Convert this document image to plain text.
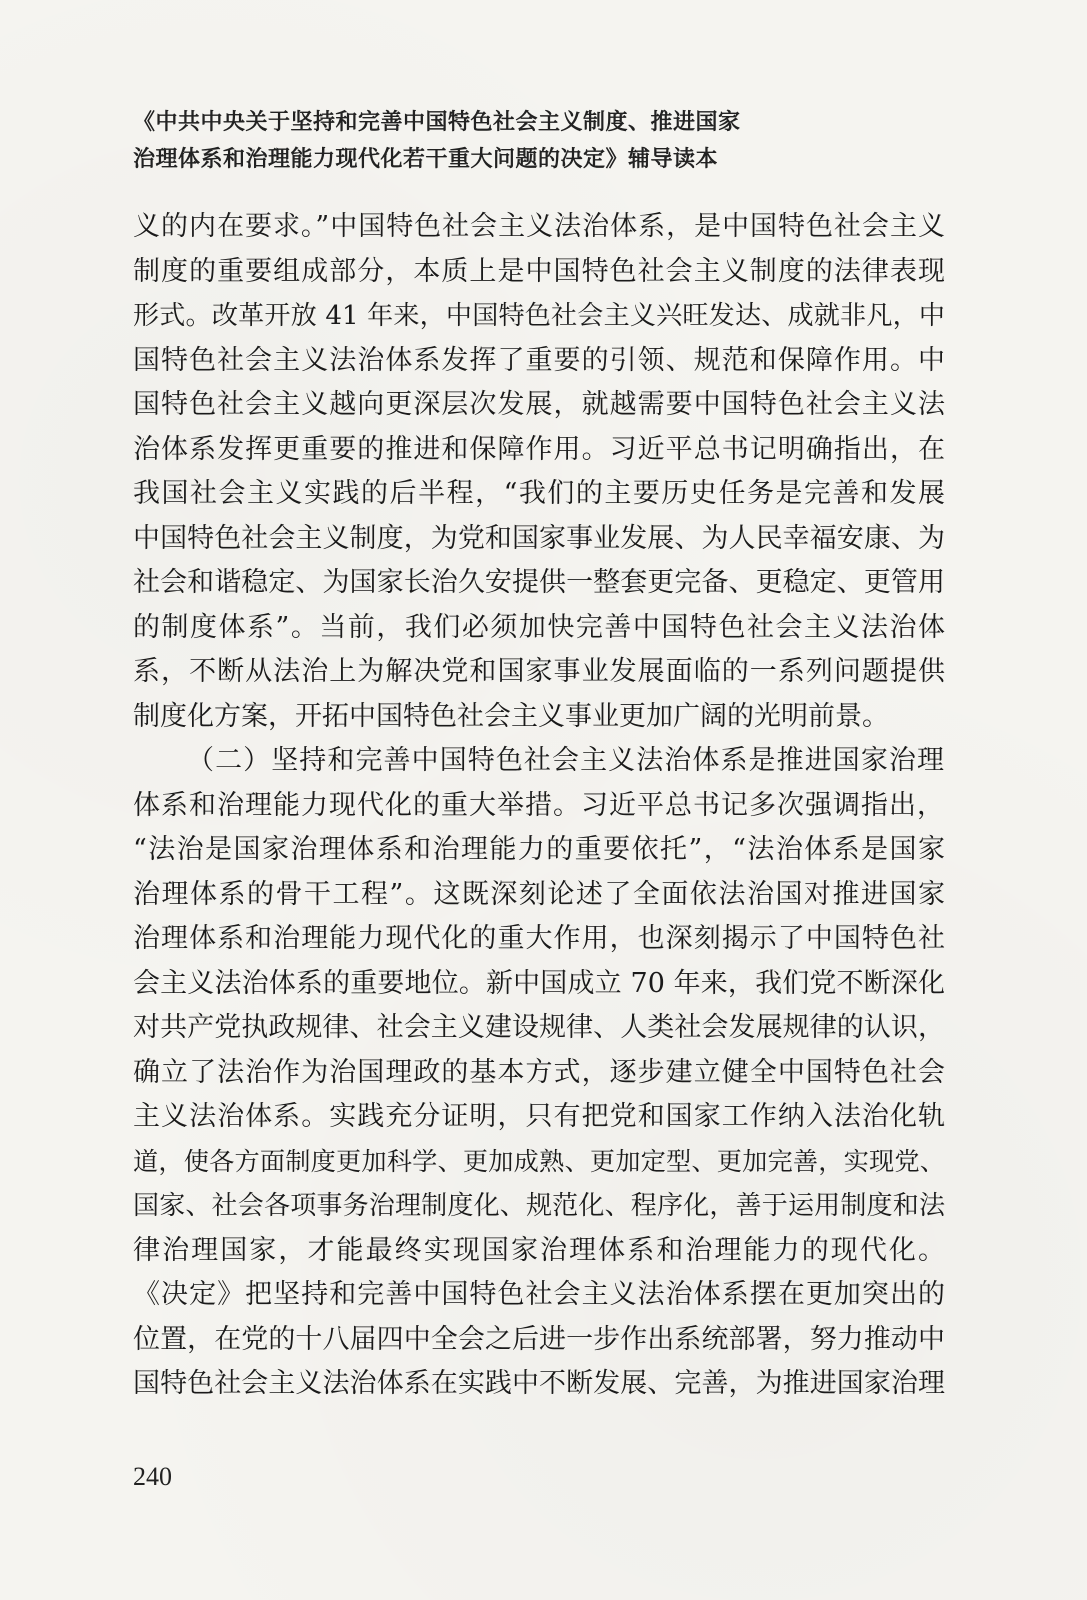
《中共中央关于坚持和完善中国特色社会主义制度、推进国家
治理体系和治理能力现代化若干重大问题的决定》辅导读本
义的内在要求。”中国特色社会主义法治体系，是中国特色社会主义
制度的重要组成部分，本质上是中国特色社会主义制度的法律表现
形式。改革开放 41 年来，中国特色社会主义兴旺发达、成就非凡，中
国特色社会主义法治体系发挥了重要的引领、规范和保障作用。中
国特色社会主义越向更深层次发展，就越需要中国特色社会主义法
治体系发挥更重要的推进和保障作用。习近平总书记明确指出，在
我国社会主义实践的后半程，“我们的主要历史任务是完善和发展
中国特色社会主义制度，为党和国家事业发展、为人民幸福安康、为
社会和谐稳定、为国家长治久安提供一整套更完备、更稳定、更管用
的制度体系”。当前，我们必须加快完善中国特色社会主义法治体
系，不断从法治上为解决党和国家事业发展面临的一系列问题提供
制度化方案，开拓中国特色社会主义事业更加广阔的光明前景。
（二）坚持和完善中国特色社会主义法治体系是推进国家治理
体系和治理能力现代化的重大举措。习近平总书记多次强调指出，
“法治是国家治理体系和治理能力的重要依托”，“法治体系是国家
治理体系的骨干工程”。这既深刻论述了全面依法治国对推进国家
治理体系和治理能力现代化的重大作用，也深刻揭示了中国特色社
会主义法治体系的重要地位。新中国成立 70 年来，我们党不断深化
对共产党执政规律、社会主义建设规律、人类社会发展规律的认识，
确立了法治作为治国理政的基本方式，逐步建立健全中国特色社会
主义法治体系。实践充分证明，只有把党和国家工作纳入法治化轨
道，使各方面制度更加科学、更加成熟、更加定型、更加完善，实现党、
国家、社会各项事务治理制度化、规范化、程序化，善于运用制度和法
律治理国家，才能最终实现国家治理体系和治理能力的现代化。
《决定》把坚持和完善中国特色社会主义法治体系摆在更加突出的
位置，在党的十八届四中全会之后进一步作出系统部署，努力推动中
国特色社会主义法治体系在实践中不断发展、完善，为推进国家治理
240
